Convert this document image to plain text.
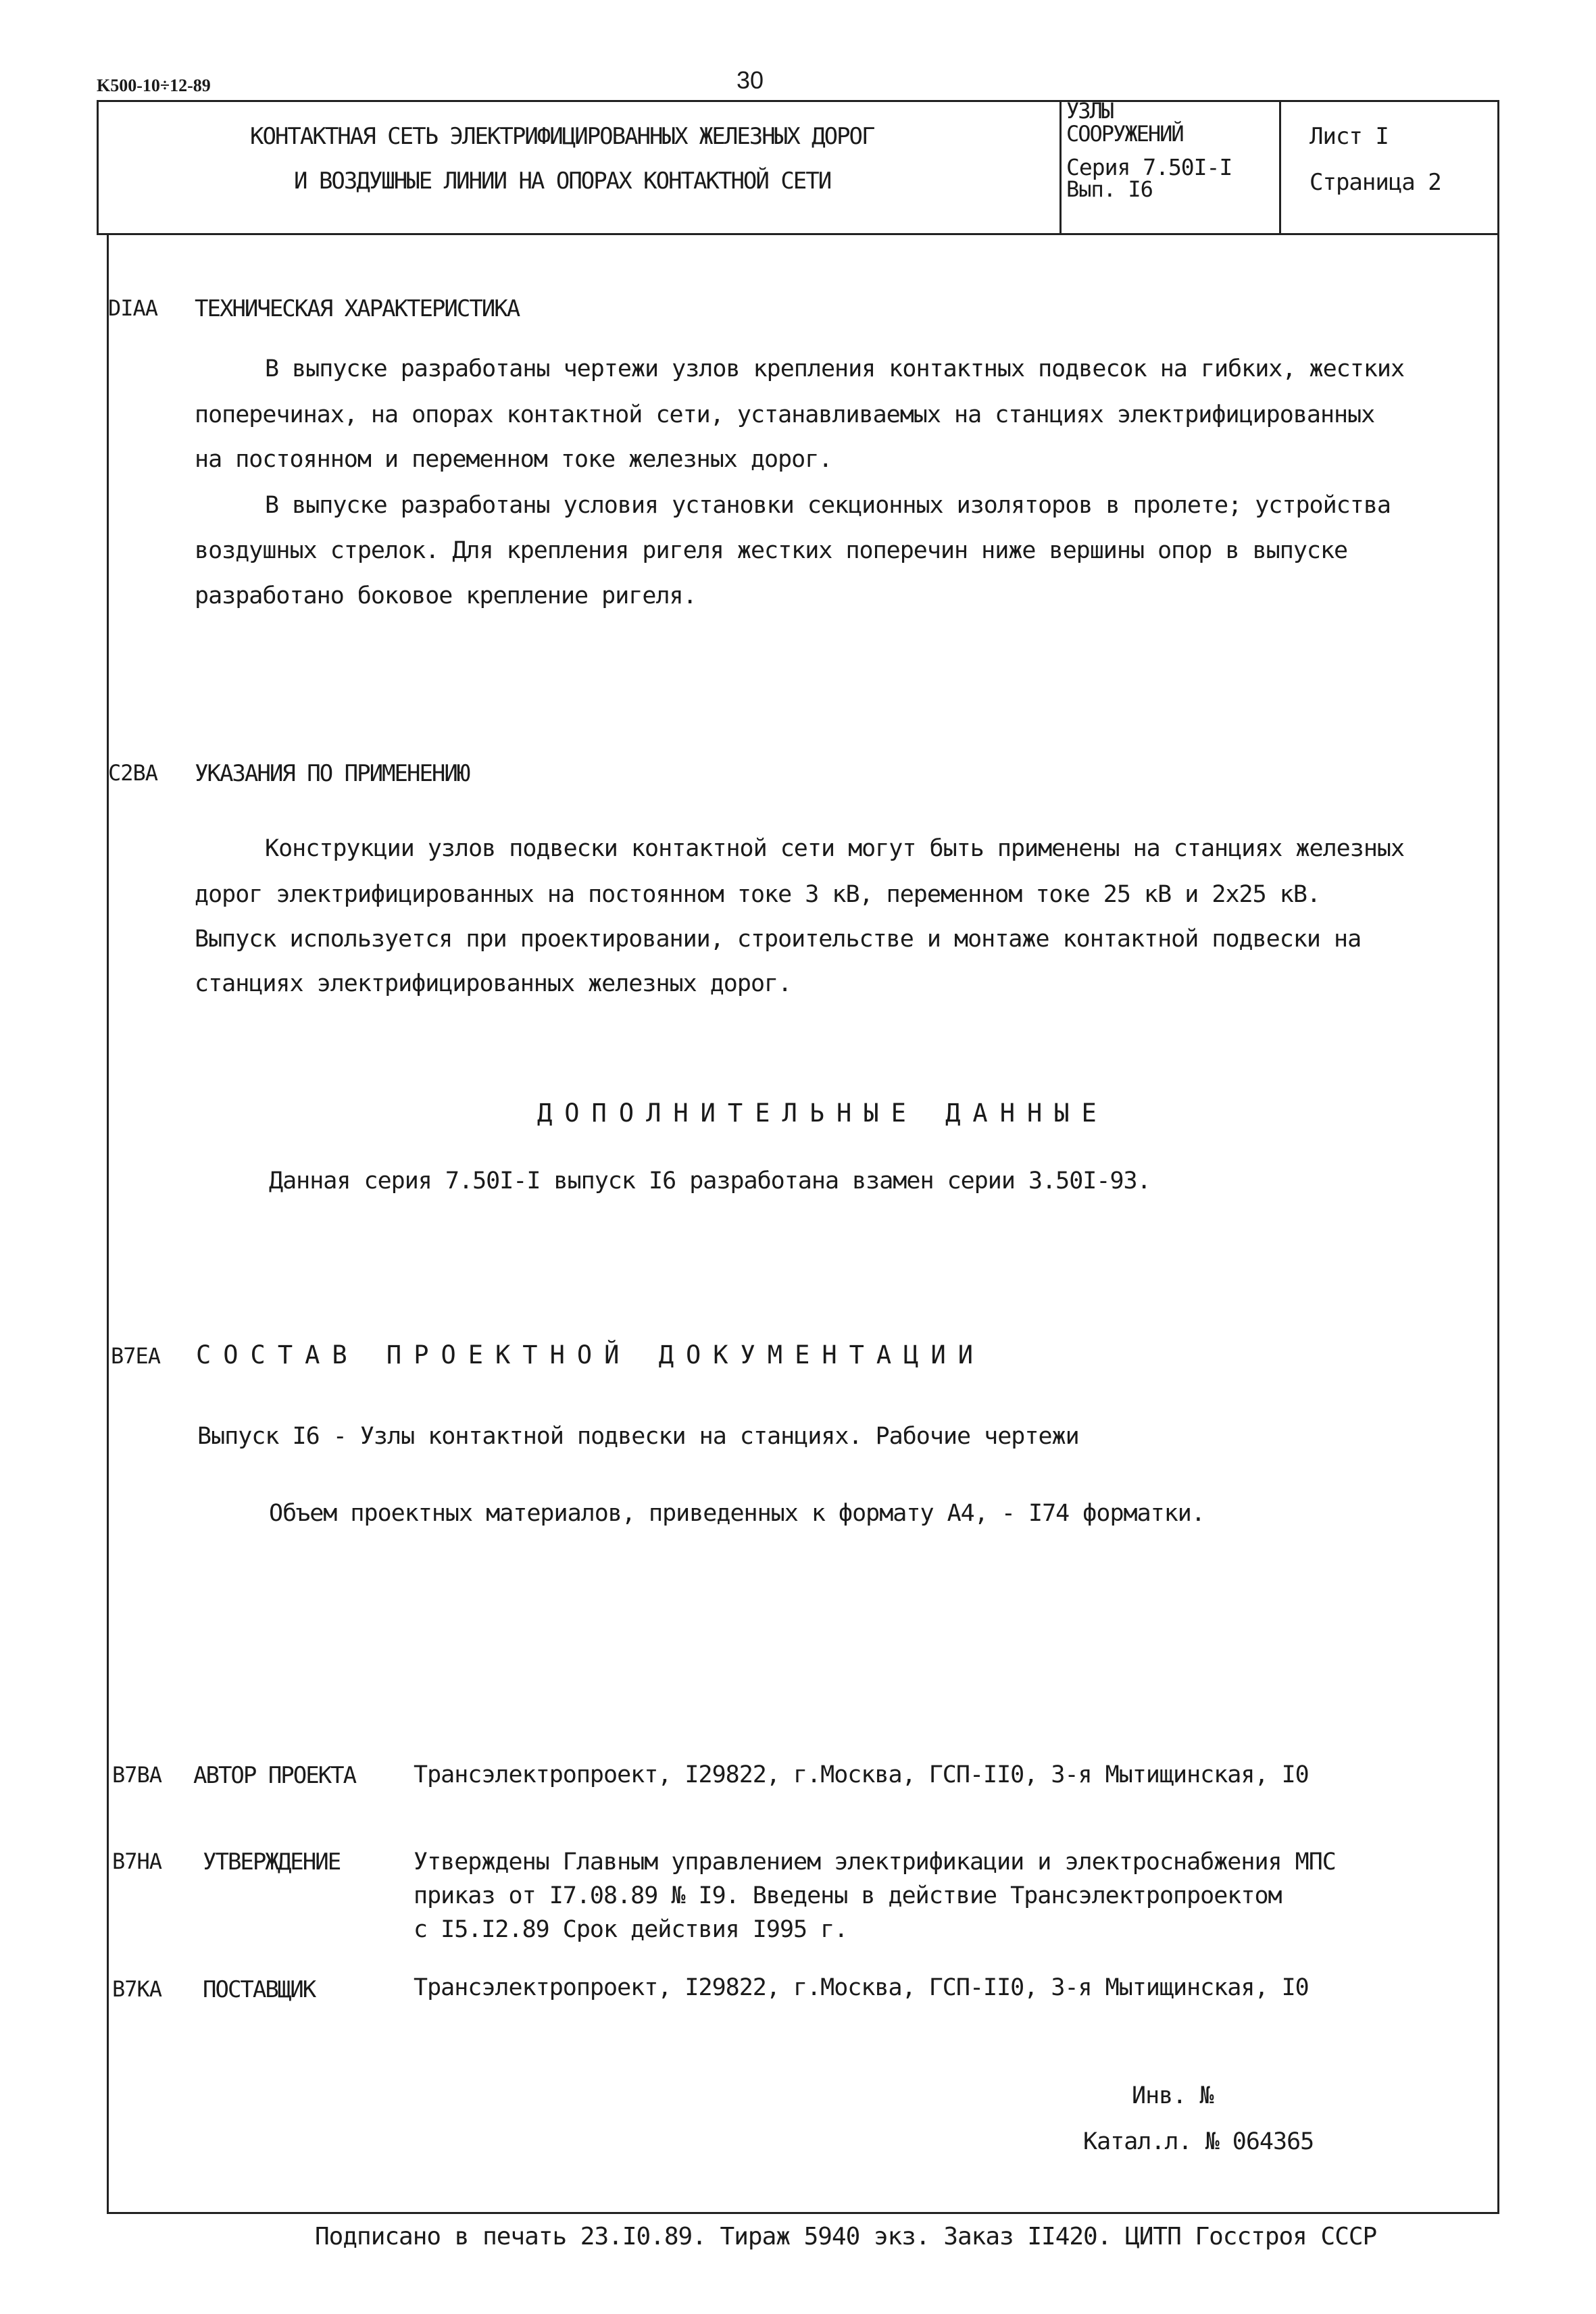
K500-10÷12-89	30
КОНТАКТНАЯ СЕТЬ ЭЛЕКТРИФИЦИРОВАННЫХ ЖЕЛЕЗНЫХ ДОРОГ
И ВОЗДУШНЫЕ ЛИНИИ НА ОПОРАХ КОНТАКТНОЙ СЕТИ
УЗЛЫ
СООРУЖЕНИЙ
Серия 7.50I-I
Вып. I6
Лист I
Страница 2
DIAA ТЕХНИЧЕСКАЯ ХАРАКТЕРИСТИКА
В выпуске разработаны чертежи узлов крепления контактных подвесок на гибких, жестких
поперечинах, на опорах контактной сети, устанавливаемых на станциях электрифицированных
на постоянном и переменном токе железных дорог.
В выпуске разработаны условия установки секционных изоляторов в пролете; устройства
воздушных стрелок. Для крепления ригеля жестких поперечин ниже вершины опор в выпуске
разработано боковое крепление ригеля.
C2BA УКАЗАНИЯ ПО ПРИМЕНЕНИЮ
Конструкции узлов подвески контактной сети могут быть применены на станциях железных
дорог электрифицированных на постоянном токе 3 кВ, переменном токе 25 кВ и 2х25 кВ.
Выпуск используется при проектировании, строительстве и монтаже контактной подвески на
станциях электрифицированных железных дорог.
ДОПОЛНИТЕЛЬНЫЕ ДАННЫЕ
Данная серия 7.50I-I выпуск I6 разработана взамен серии 3.50I-93.
B7EA СОСТАВ ПРОЕКТНОЙ ДОКУМЕНТАЦИИ
Выпуск I6 - Узлы контактной подвески на станциях. Рабочие чертежи
Объем проектных материалов, приведенных к формату А4, - I74 форматки.
B7BA АВТОР ПРОЕКТА Трансэлектропроект, I29822, г.Москва, ГСП-II0, 3-я Мытищинская, I0
B7HA УТВЕРЖДЕНИЕ	Утверждены Главным управлением электрификации и электроснабжения МПС
приказ от I7.08.89 № I9. Введены в действие Трансэлектропроектом
с I5.I2.89 Срок действия I995 г.
B7KA ПОСТАВЩИК	Трансэлектропроект, I29822, г.Москва, ГСП-II0, 3-я Мытищинская, I0
Инв. №
Катал.л. № 064365
Подписано в печать 23.I0.89. Тираж 5940 экз. Заказ II420. ЦИТП Госстроя СССР
